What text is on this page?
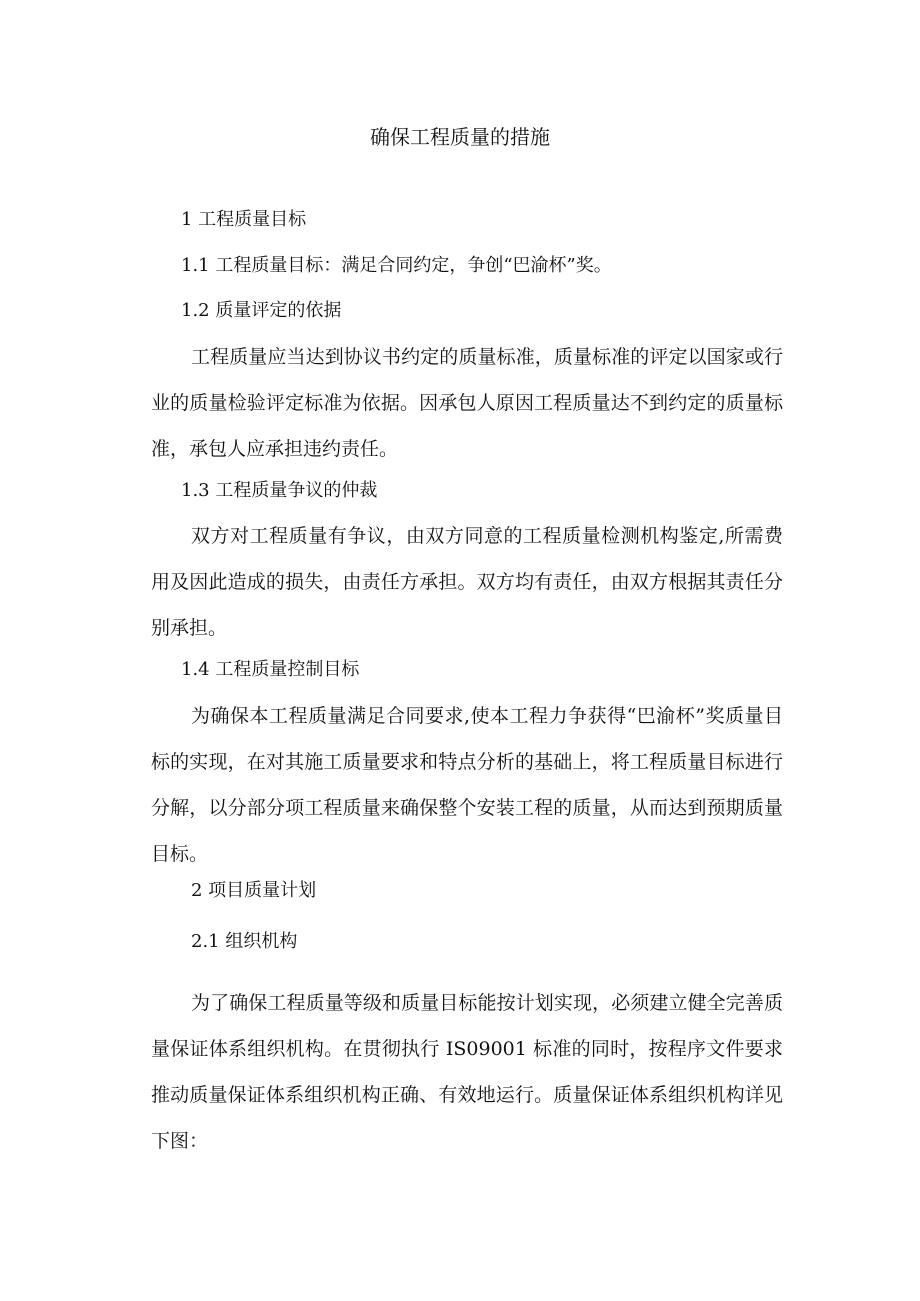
确保工程质量的措施

1 工程质量目标

1.1 工程质量目标：满足合同约定，争创“巴渝杯”奖。

1.2 质量评定的依据

工程质量应当达到协议书约定的质量标准，质量标准的评定以国家或行业的质量检验评定标准为依据。因承包人原因工程质量达不到约定的质量标准，承包人应承担违约责任。

1.3 工程质量争议的仲裁

双方对工程质量有争议，由双方同意的工程质量检测机构鉴定,所需费用及因此造成的损失，由责任方承担。双方均有责任，由双方根据其责任分别承担。

1.4 工程质量控制目标

为确保本工程质量满足合同要求,使本工程力争获得“巴渝杯”奖质量目标的实现，在对其施工质量要求和特点分析的基础上，将工程质量目标进行分解，以分部分项工程质量来确保整个安装工程的质量，从而达到预期质量目标。

2 项目质量计划

2.1 组织机构

为了确保工程质量等级和质量目标能按计划实现，必须建立健全完善质量保证体系组织机构。在贯彻执行 IS09001 标准的同时，按程序文件要求推动质量保证体系组织机构正确、有效地运行。质量保证体系组织机构详见下图：
